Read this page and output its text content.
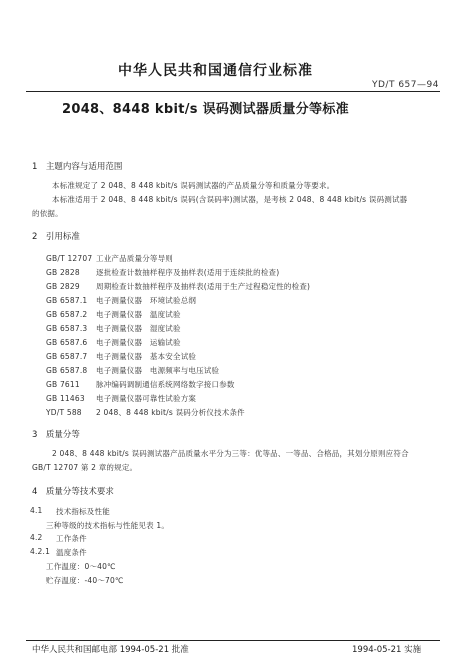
中华人民共和国通信行业标准
YD/T 657—94
2048、8448 kbit/s 误码测试器质量分等标准
1　主题内容与适用范围
本标准规定了 2 048、8 448 kbit/s 误码测试器的产品质量分等和质量分等要求。
本标准适用于 2 048、8 448 kbit/s 误码(含误码率)测试器，是考核 2 048、8 448 kbit/s 误码测试器
的依据。
2　引用标准
GB/T 12707 工业产品质量分等导则
GB 2828 逐批检查计数抽样程序及抽样表(适用于连续批的检查)
GB 2829 周期检查计数抽样程序及抽样表(适用于生产过程稳定性的检查)
GB 6587.1 电子测量仪器　环境试验总纲
GB 6587.2 电子测量仪器　温度试验
GB 6587.3 电子测量仪器　湿度试验
GB 6587.6 电子测量仪器　运输试验
GB 6587.7 电子测量仪器　基本安全试验
GB 6587.8 电子测量仪器　电源频率与电压试验
GB 7611 脉冲编码调制通信系统网络数字接口参数
GB 11463 电子测量仪器可靠性试验方案
YD/T 588 2 048、8 448 kbit/s 误码分析仪技术条件
3　质量分等
2 048、8 448 kbit/s 误码测试器产品质量水平分为三等：优等品、一等品、合格品，其划分原则应符合
GB/T 12707 第 2 章的规定。
4　质量分等技术要求
4.1 技术指标及性能
三种等级的技术指标与性能见表 1。
4.2 工作条件
4.2.1 温度条件
工作温度：0～40℃
贮存温度：-40～70℃
中华人民共和国邮电部 1994-05-21 批准	1994-05-21 实施
